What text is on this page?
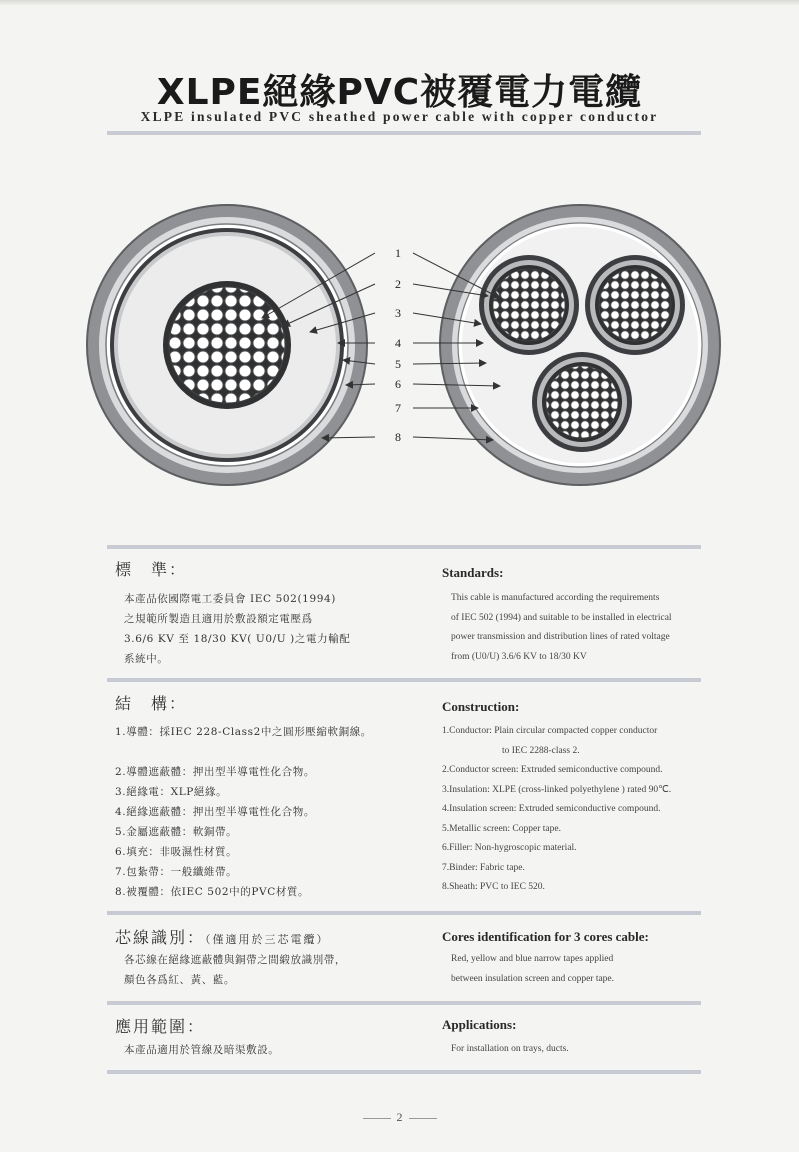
XLPE絕緣PVC被覆電力電纜
XLPE insulated PVC sheathed power cable with copper conductor
1
2
3
4
5
6
7
8
標　準：
本產品依國際電工委員會 IEC 502(1994)
之規範所製造且適用於敷設額定電壓爲
3.6/6 KV 至 18/30 KV( U0/U )之電力輸配
系統中。
Standards:
This cable is manufactured according the requirements
of IEC 502 (1994) and suitable to be installed in electrical
power transmission and distribution lines of rated voltage
from (U0/U) 3.6/6 KV to 18/30 KV
結　構：
1.導體：採IEC 228-Class2中之圓形壓縮軟銅線。
2.導體遮蔽體：押出型半導電性化合物。
3.絕緣電：XLP絕緣。
4.絕緣遮蔽體：押出型半導電性化合物。
5.金屬遮蔽體：軟銅帶。
6.填充：非吸濕性材質。
7.包紮帶：一般纖維帶。
8.被覆體：依IEC 502中的PVC材質。
Construction:
1.Conductor: Plain circular compacted copper conductor
to IEC 2288-class 2.
2.Conductor screen: Extruded semiconductive compound.
3.Insulation: XLPE (cross-linked polyethylene ) rated 90℃.
4.Insulation screen: Extruded semiconductive compound.
5.Metallic screen: Copper tape.
6.Filler: Non-hygroscopic material.
7.Binder: Fabric tape.
8.Sheath: PVC to IEC 520.
芯線識別：（僅適用於三芯電纜）
各芯線在絕緣遮蔽體與銅帶之間緞放識別帶，
顏色各爲紅、黃、藍。
Cores identification for 3 cores cable:
Red, yellow and blue narrow tapes applied
between insulation screen and copper tape.
應用範圍：
本產品適用於管線及暗渠敷設。
Applications:
For installation on trays, ducts.
2
